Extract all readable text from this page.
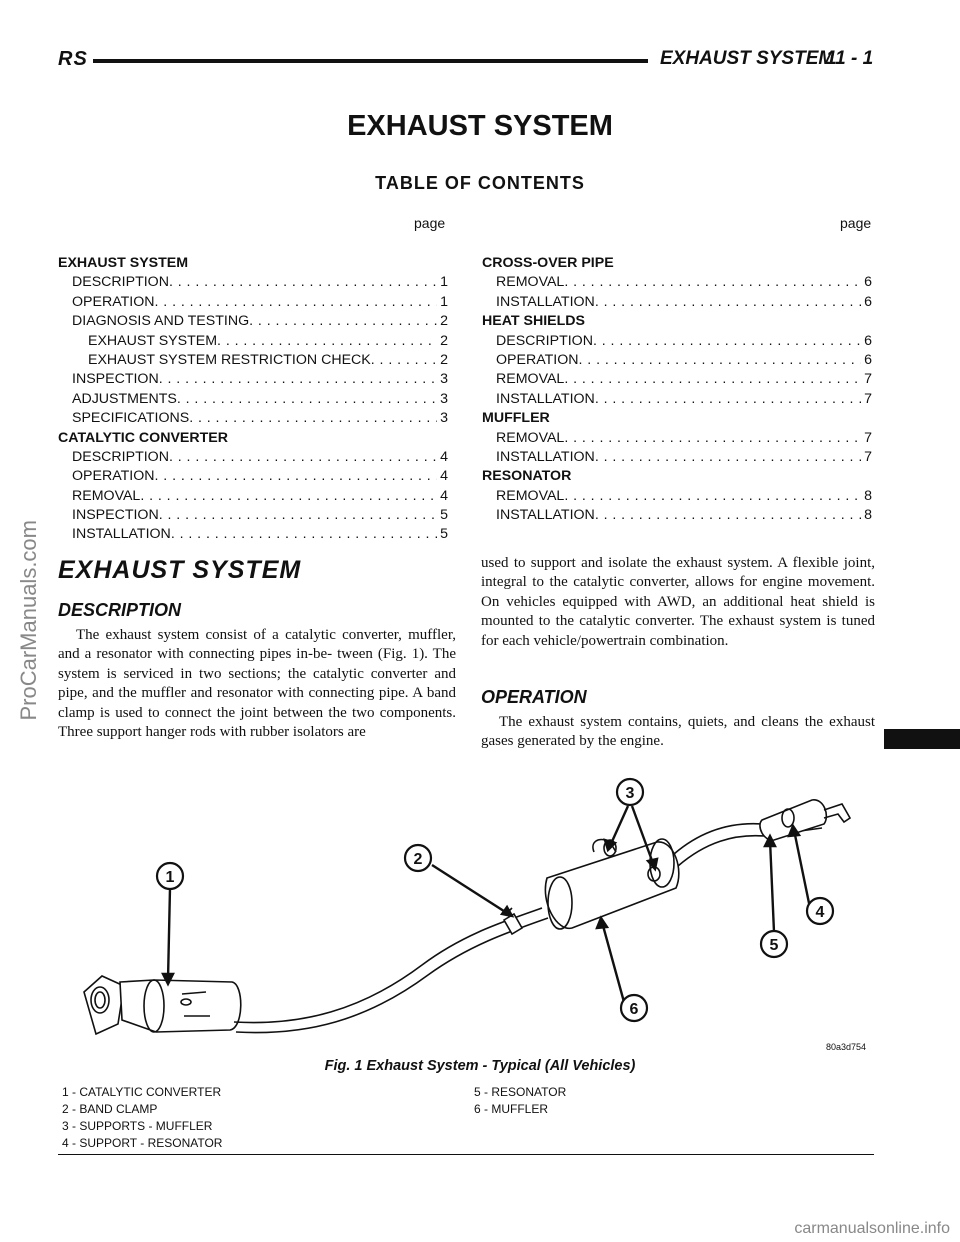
RS	EXHAUST SYSTEM
11 - 1
EXHAUST SYSTEM
TABLE OF CONTENTS
page	page
EXHAUST SYSTEM
DESCRIPTION . . .	1
OPERATION . . .	1
DIAGNOSIS AND TESTING . . .	2
EXHAUST SYSTEM . . .	2
EXHAUST SYSTEM RESTRICTION CHECK . . .	2
INSPECTION . . .	3
ADJUSTMENTS . . .	3
SPECIFICATIONS . . .	3
CATALYTIC CONVERTER
DESCRIPTION . . .	4
OPERATION . . .	4
REMOVAL . . .	4
INSPECTION . . .	5
INSTALLATION . . .	5
CROSS-OVER PIPE
REMOVAL . . .	6
INSTALLATION . . .	6
HEAT SHIELDS
DESCRIPTION . . .	6
OPERATION . . .	6
REMOVAL . . .	7
INSTALLATION . . .	7
MUFFLER
REMOVAL . . .	7
INSTALLATION . . .	7
RESONATOR
REMOVAL . . .	8
INSTALLATION . . .	8
EXHAUST SYSTEM
DESCRIPTION
The exhaust system consist of a catalytic converter, muffler, and a resonator with connecting pipes in-be- tween (Fig. 1). The system is serviced in two sections; the catalytic converter and pipe, and the muffler and resonator with connecting pipe. A band clamp is used to connect the joint between the two components. Three support hanger rods with rubber isolators are
used to support and isolate the exhaust system. A flexible joint, integral to the catalytic converter, allows for engine movement. On vehicles equipped with AWD, an additional heat shield is mounted to the catalytic converter. The exhaust system is tuned for each vehicle/powertrain combination.
OPERATION
The exhaust system contains, quiets, and cleans the exhaust gases generated by the engine.
ProCarManuals.com
1
2
3
4
5
6
80a3d754
Fig. 1 Exhaust System - Typical (All Vehicles)
1 - CATALYTIC CONVERTER
2 - BAND CLAMP
3 - SUPPORTS - MUFFLER
4 - SUPPORT - RESONATOR
5 - RESONATOR
6 - MUFFLER
carmanualsonline.info
